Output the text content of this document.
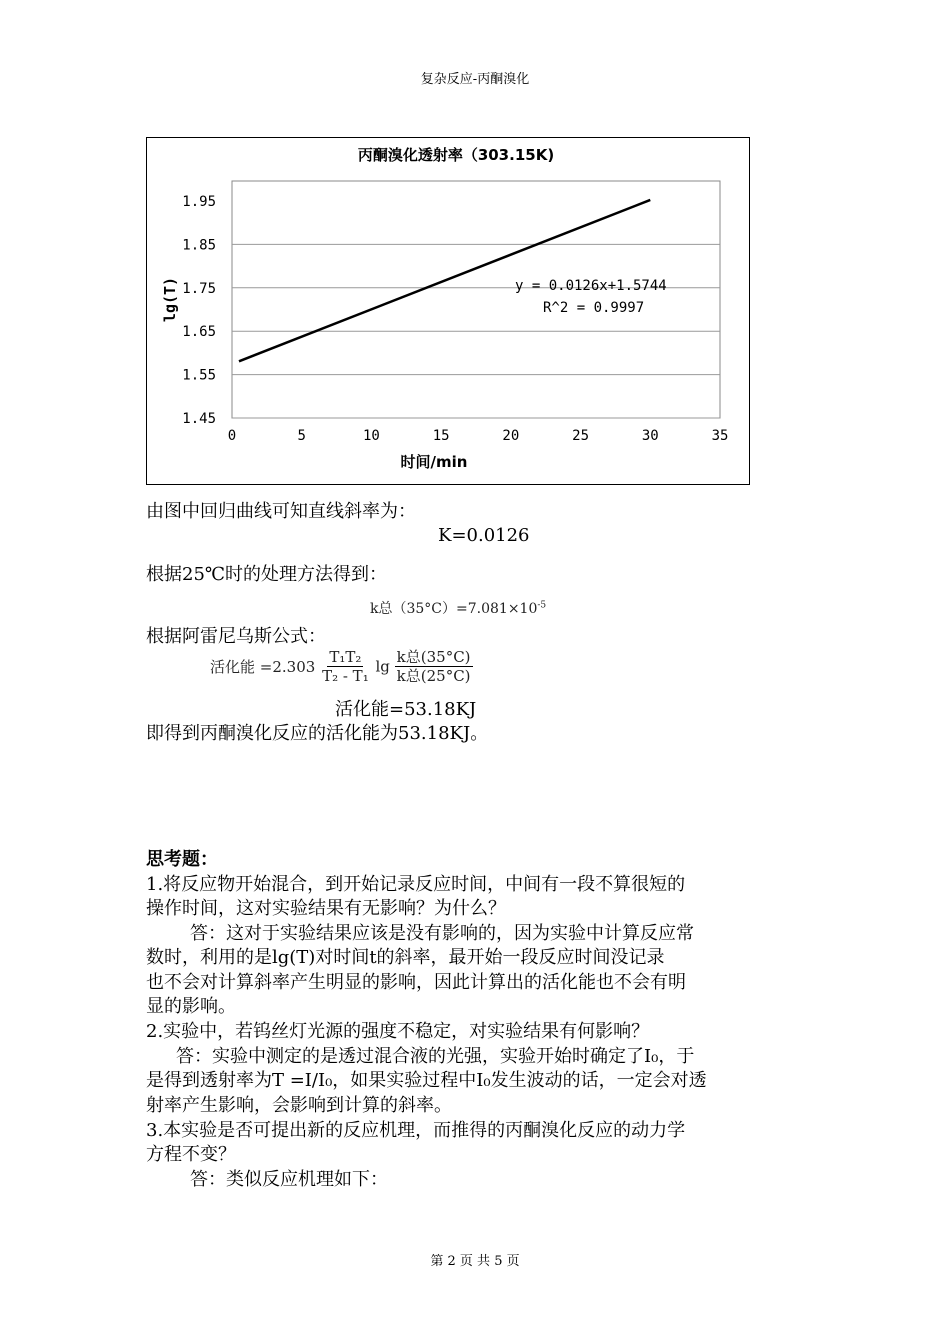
复杂反应-丙酮溴化
丙酮溴化透射率（303.15K)
1.95
1.85
1.75
1.65
1.55
1.45
0	5	10	15	20	25	30	35
时间/min
lg(T)	y = 0.0126x+1.5744
R^2 = 0.9997
由图中回归曲线可知直线斜率为：
K=0.0126
根据25℃时的处理方法得到：
k总$(35^\circ C)=7.081\times 10^{-5}$
根据阿雷尼乌斯公式：
活化能 $=2.303 \frac{\text{T₁T₂}}{\text{T₂ - T₁}}$ $\lg \frac{\text{k总(35°C)}}{\text{k总(25°C)}}$
活化能=53.18KJ
即得到丙酮溴化反应的活化能为53.18KJ。
思考题：
1.将反应物开始混合，到开始记录反应时间，中间有一段不算很短的
操作时间，这对实验结果有无影响？为什么？
答：这对于实验结果应该是没有影响的，因为实验中计算反应常
数时，利用的是lg(T)对时间t的斜率，最开始一段反应时间没记录
也不会对计算斜率产生明显的影响，因此计算出的活化能也不会有明
显的影响。
2.实验中，若钨丝灯光源的强度不稳定，对实验结果有何影响？
答：实验中测定的是透过混合液的光强，实验开始时确定了I₀，于
是得到透射率为T =I/I₀，如果实验过程中I₀发生波动的话，一定会对透
射率产生影响，会影响到计算的斜率。
3.本实验是否可提出新的反应机理，而推得的丙酮溴化反应的动力学
方程不变？
答：类似反应机理如下：
第 2 页 共 5 页
